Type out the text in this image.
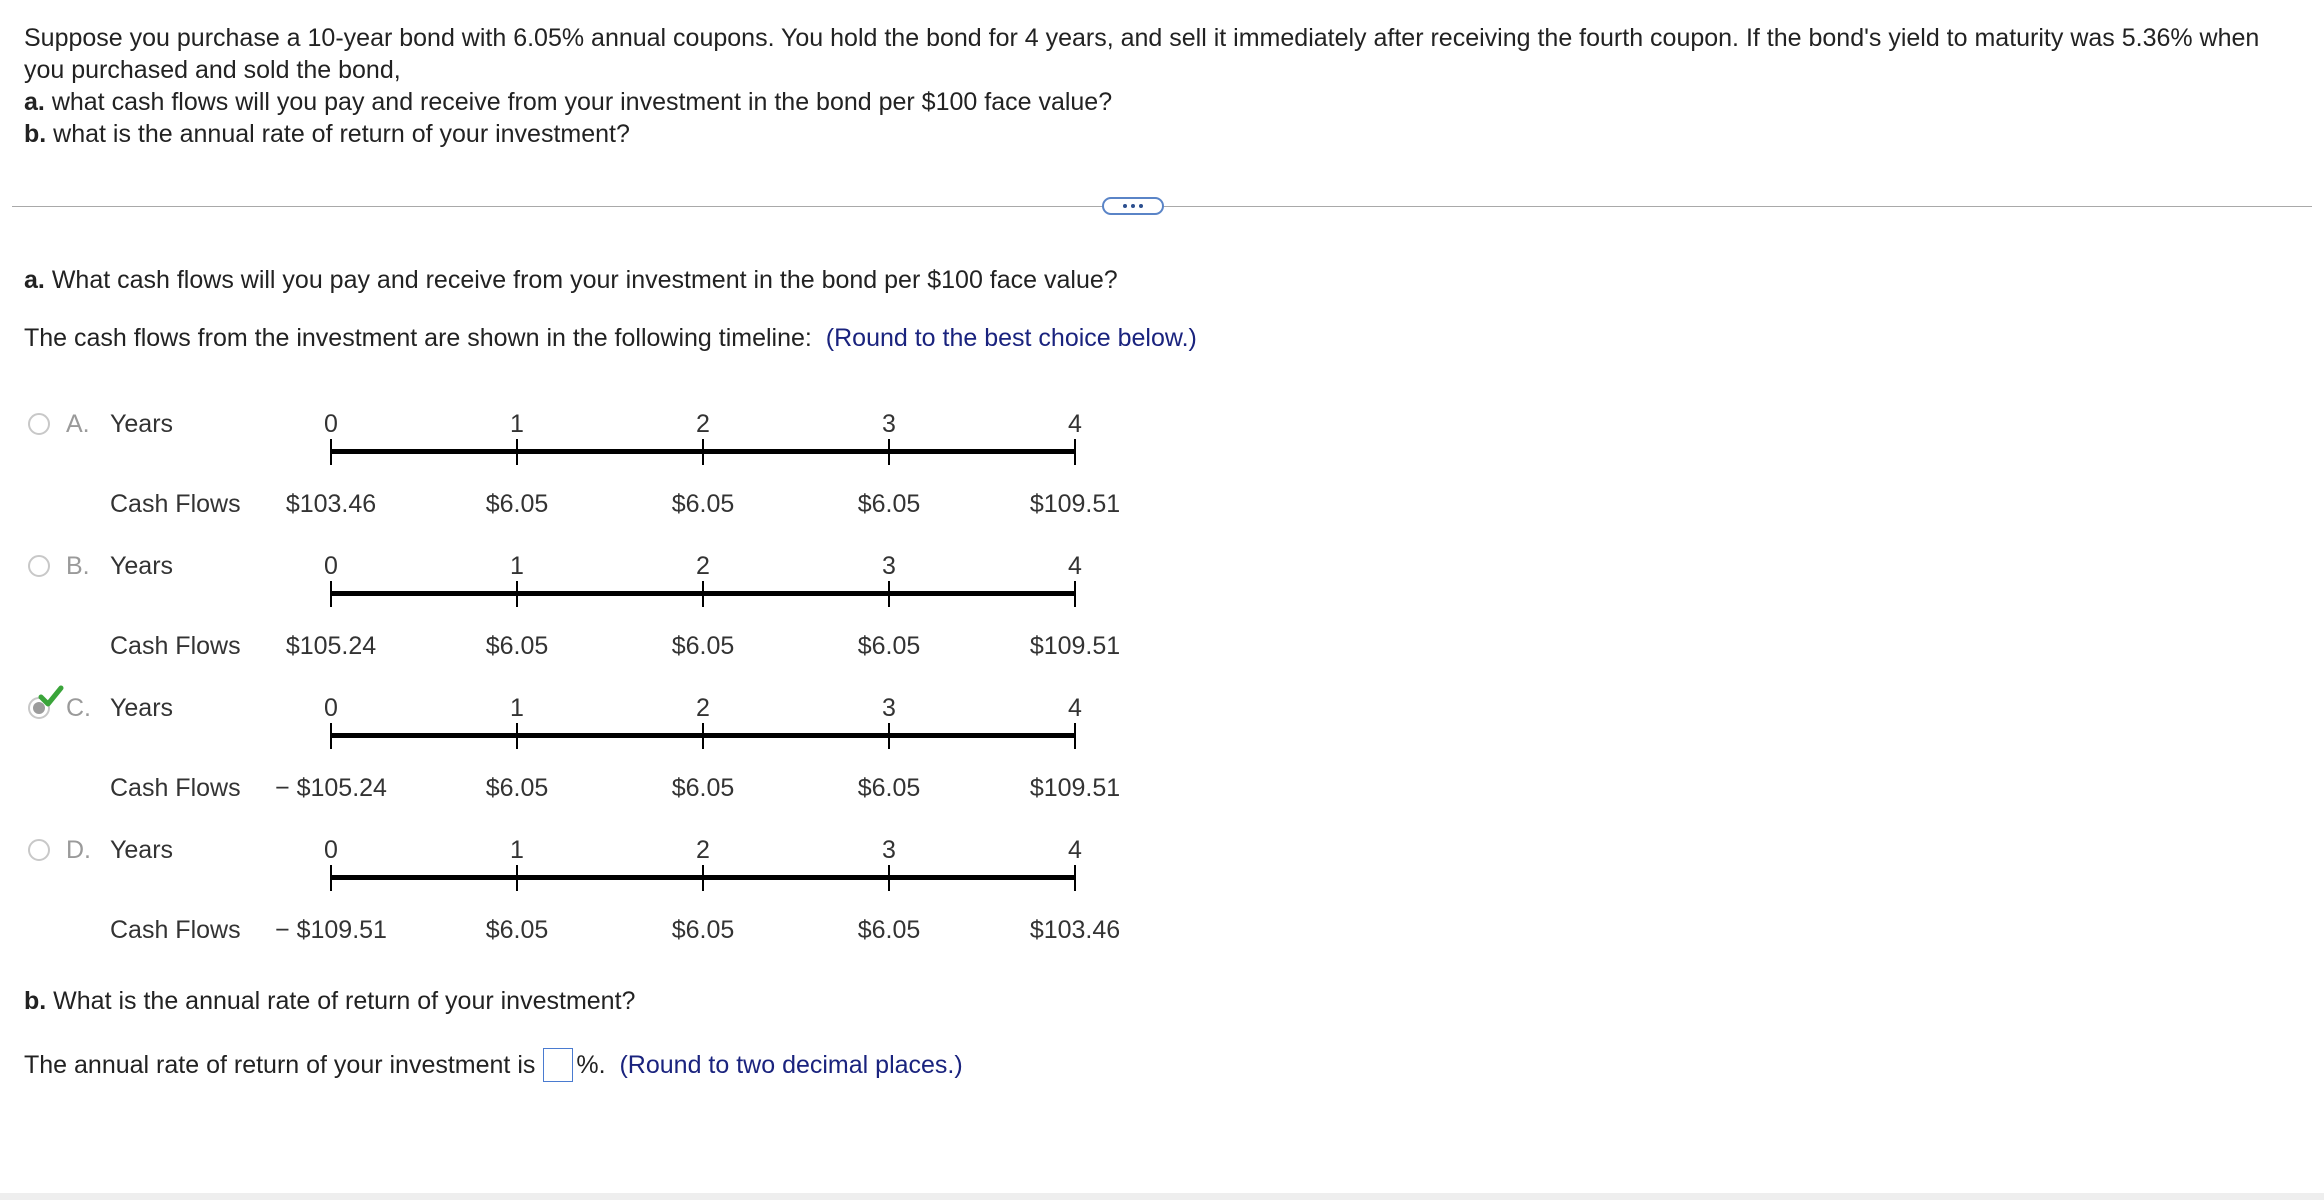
Suppose you purchase a 10-year bond with 6.05% annual coupons. You hold the bond for 4 years, and sell it immediately after receiving the fourth coupon. If the bond's yield to maturity was 5.36% when you purchased and sold the bond,
a. what cash flows will you pay and receive from your investment in the bond per $100 face value?
b. what is the annual rate of return of your investment?
a. What cash flows will you pay and receive from your investment in the bond per $100 face value?
The cash flows from the investment are shown in the following timeline: (Round to the best choice below.)
A. Years
Cash Flows
0
$103.46
1
$6.05
2
$6.05
3
$6.05
4
$109.51
B. Years
Cash Flows
0
$105.24
1
$6.05
2
$6.05
3
$6.05
4
$109.51
C. Years
Cash Flows
0
− $105.24
1
$6.05
2
$6.05
3
$6.05
4
$109.51
D. Years
Cash Flows
0
− $109.51
1
$6.05
2
$6.05
3
$6.05
4
$103.46
b. What is the annual rate of return of your investment?
The annual rate of return of your investment is %.
(Round to two decimal places.)
